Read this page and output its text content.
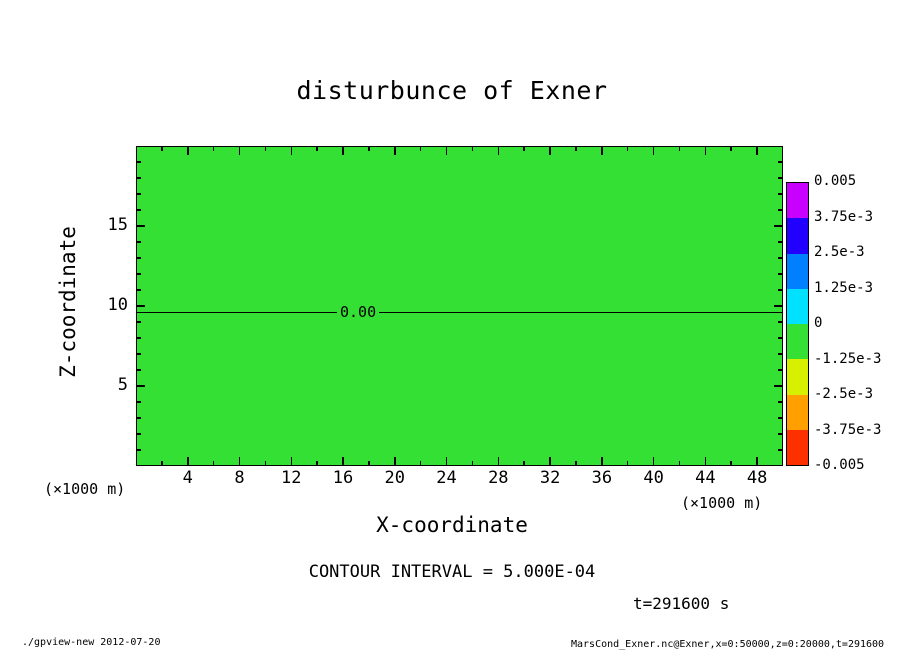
disturbunce of Exner
0.00
Z-coordinate
X-coordinate
(×1000 m)
(×1000 m)
4	8	12	16	20	24	28	32	36	40	44	48
5
10
15
0.005
3.75e-3
2.5e-3
1.25e-3
0
-1.25e-3
-2.5e-3
-3.75e-3
-0.005
CONTOUR INTERVAL = 5.000E-04
t=291600 s
./gpview-new 2012-07-20	MarsCond_Exner.nc@Exner,x=0:50000,z=0:20000,t=291600
